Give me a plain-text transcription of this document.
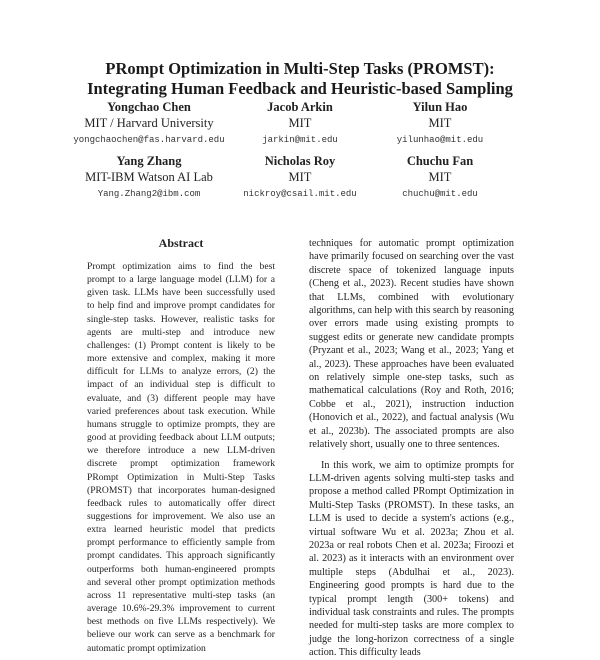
PRompt Optimization in Multi-Step Tasks (PROMST):
Integrating Human Feedback and Heuristic-based Sampling
Yongchao Chen
MIT / Harvard University
yongchaochen@fas.harvard.edu
Jacob Arkin
MIT
jarkin@mit.edu
Yilun Hao
MIT
yilunhao@mit.edu
Yang Zhang
MIT-IBM Watson AI Lab
Yang.Zhang2@ibm.com
Nicholas Roy
MIT
nickroy@csail.mit.edu
Chuchu Fan
MIT
chuchu@mit.edu
Abstract

Prompt optimization aims to find the best prompt to a large language model (LLM) for a given task. LLMs have been successfully used to help find and improve prompt candidates for single-step tasks. However, realistic tasks for agents are multi-step and introduce new challenges: (1) Prompt content is likely to be more extensive and complex, making it more difficult for LLMs to analyze errors, (2) the impact of an individual step is difficult to evaluate, and (3) different people may have varied preferences about task execution. While humans struggle to optimize prompts, they are good at providing feedback about LLM outputs; we therefore introduce a new LLM-driven discrete prompt optimization framework PRompt Optimization in Multi-Step Tasks (PROMST) that incorporates human-designed feedback rules to automatically offer direct suggestions for improvement. We also use an extra learned heuristic model that predicts prompt performance to efficiently sample from prompt candidates. This approach significantly outperforms both human-engineered prompts and several other prompt optimization methods across 11 representative multi-step tasks (an average 10.6%-29.3% improvement to current best methods on five LLMs respectively). We believe our work can serve as a benchmark for automatic prompt optimization

techniques for automatic prompt optimization have primarily focused on searching over the vast discrete space of tokenized language inputs (Cheng et al., 2023). Recent studies have shown that LLMs, combined with evolutionary algorithms, can help with this search by reasoning over errors made using existing prompts to suggest edits or generate new candidate prompts (Pryzant et al., 2023; Wang et al., 2023; Yang et al., 2023). These approaches have been evaluated on relatively simple one-step tasks, such as mathematical calculations (Roy and Roth, 2016; Cobbe et al., 2021), instruction induction (Honovich et al., 2022), and factual analysis (Wu et al., 2023b). The associated prompts are also relatively short, usually one to three sentences.

In this work, we aim to optimize prompts for LLM-driven agents solving multi-step tasks and propose a method called PRompt Optimization in Multi-Step Tasks (PROMST). In these tasks, an LLM is used to decide a system's actions (e.g., virtual software Wu et al. 2023a; Zhou et al. 2023a or real robots Chen et al. 2023a; Firoozi et al. 2023) as it interacts with an environment over multiple steps (Abdulhai et al., 2023). Engineering good prompts is hard due to the typical prompt length (300+ tokens) and individual task constraints and rules. The prompts needed for multi-step tasks are more complex to judge the long-horizon correctness of a single action. This difficulty leads
